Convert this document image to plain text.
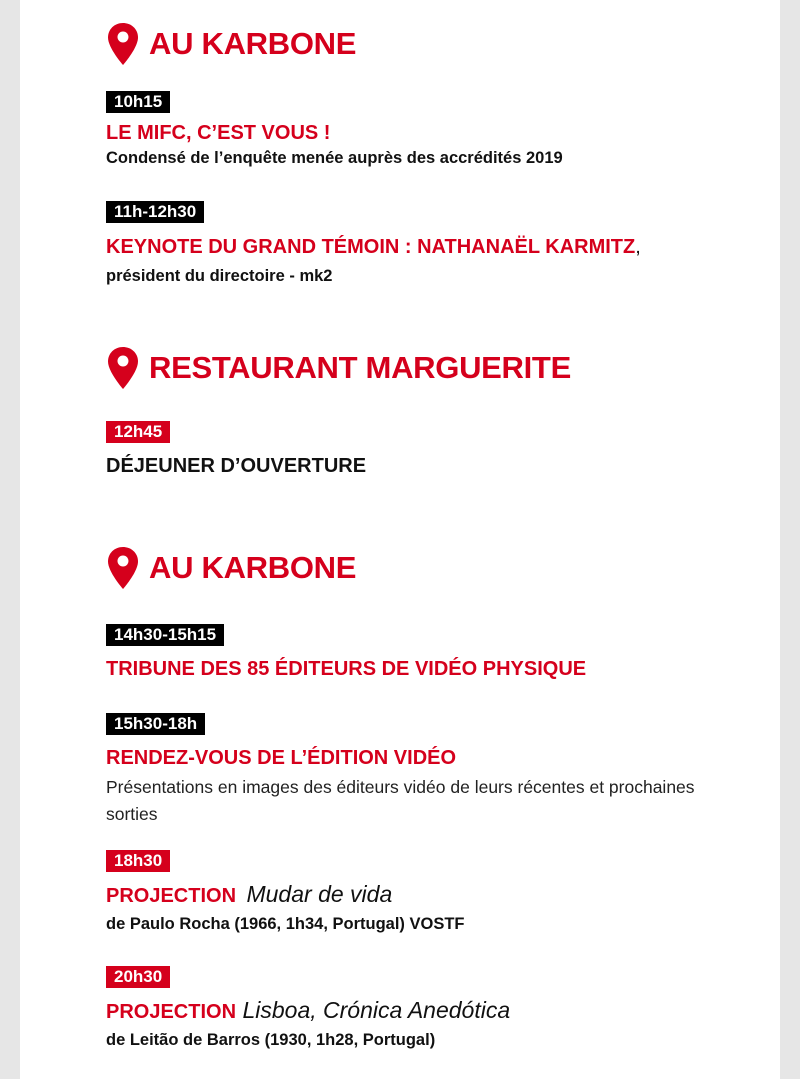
AU KARBONE
10h15
LE MIFC, C’EST VOUS !
Condensé de l’enquête menée auprès des accrédités 2019
11h-12h30
KEYNOTE DU GRAND TÉMOIN : NATHANAËL KARMITZ,
président du directoire - mk2
RESTAURANT MARGUERITE
12h45
DÉJEUNER D’OUVERTURE
AU KARBONE
14h30-15h15
TRIBUNE DES 85 ÉDITEURS DE VIDÉO PHYSIQUE
15h30-18h
RENDEZ-VOUS DE L’ÉDITION VIDÉO
Présentations en images des éditeurs vidéo de leurs récentes et prochaines sorties
18h30
PROJECTION Mudar de vida
de Paulo Rocha (1966, 1h34, Portugal) VOSTF
20h30
PROJECTION Lisboa, Crónica Anedótica
de Leitão de Barros (1930, 1h28, Portugal)
